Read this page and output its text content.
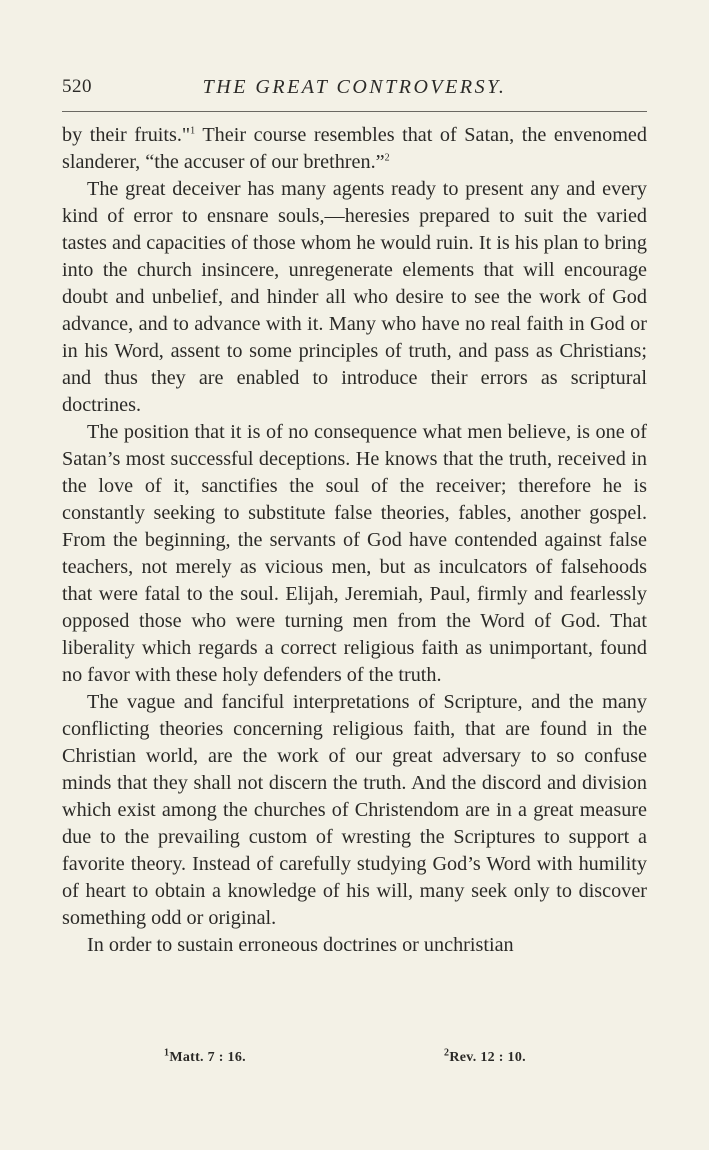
520	THE GREAT CONTROVERSY.

by their fruits."$^1$ Their course resembles that of Satan, the envenomed slanderer, “the accuser of our brethren.”$^2$

The great deceiver has many agents ready to present any and every kind of error to ensnare souls,—heresies prepared to suit the varied tastes and capacities of those whom he would ruin. It is his plan to bring into the church insincere, unregenerate elements that will encourage doubt and unbelief, and hinder all who desire to see the work of God advance, and to advance with it. Many who have no real faith in God or in his Word, assent to some principles of truth, and pass as Christians; and thus they are enabled to introduce their errors as scriptural doctrines.

The position that it is of no consequence what men believe, is one of Satan’s most successful deceptions. He knows that the truth, received in the love of it, sanctifies the soul of the receiver; therefore he is constantly seeking to substitute false theories, fables, another gospel. From the beginning, the servants of God have contended against false teachers, not merely as vicious men, but as inculcators of falsehoods that were fatal to the soul. Elijah, Jeremiah, Paul, firmly and fearlessly opposed those who were turning men from the Word of God. That liberality which regards a correct religious faith as unimportant, found no favor with these holy defenders of the truth.

The vague and fanciful interpretations of Scripture, and the many conflicting theories concerning religious faith, that are found in the Christian world, are the work of our great adversary to so confuse minds that they shall not discern the truth. And the discord and division which exist among the churches of Christendom are in a great measure due to the prevailing custom of wresting the Scriptures to support a favorite theory. Instead of carefully studying God’s Word with humility of heart to obtain a knowledge of his will, many seek only to discover something odd or original.

In order to sustain erroneous doctrines or unchristian

$^1$Matt. 7 : 16.	$^2$Rev. 12 : 10.
